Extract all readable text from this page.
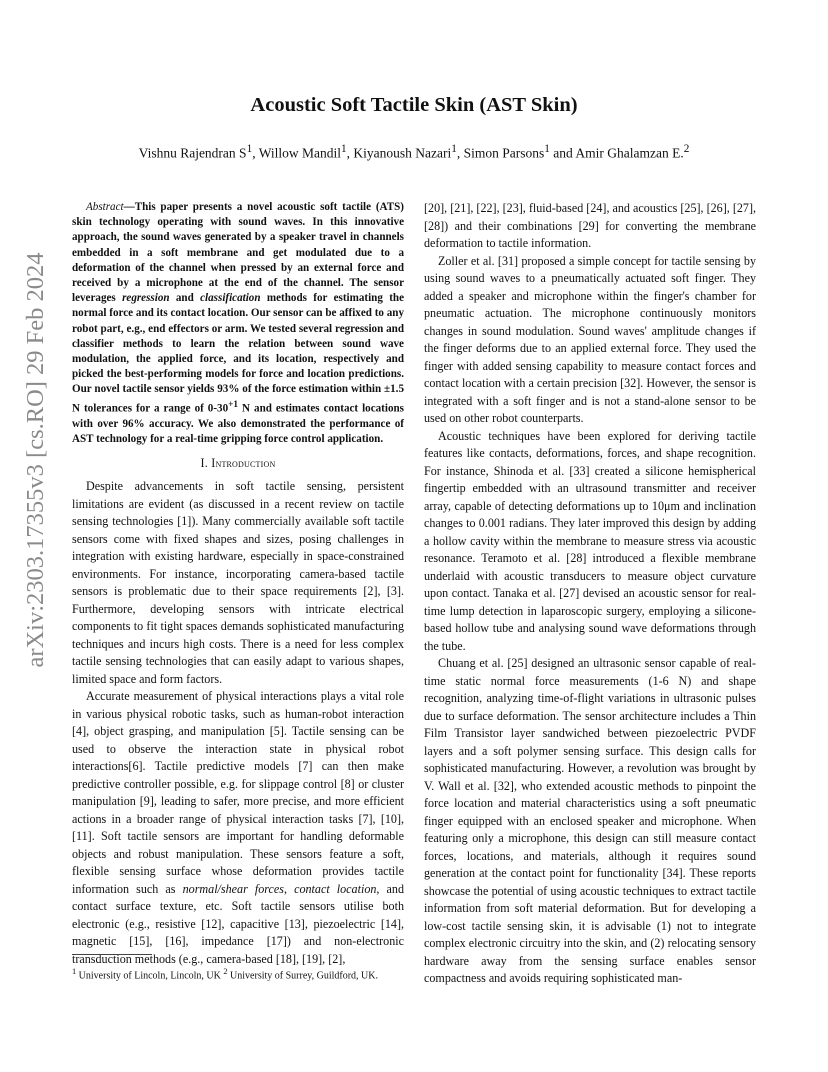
arXiv:2303.17355v3 [cs.RO] 29 Feb 2024
Acoustic Soft Tactile Skin (AST Skin)
Vishnu Rajendran $S^1$, Willow Mandil$^1$, Kiyanoush Nazari$^1$, Simon Parsons$^1$ and Amir Ghalamzan E.$^2$

Abstract—This paper presents a novel acoustic soft tactile (ATS) skin technology operating with sound waves. In this innovative approach, the sound waves generated by a speaker travel in channels embedded in a soft membrane and get modulated due to a deformation of the channel when pressed by an external force and received by a microphone at the end of the channel. The sensor leverages regression and classification methods for estimating the normal force and its contact location. Our sensor can be affixed to any robot part, e.g., end effectors or arm. We tested several regression and classifier methods to learn the relation between sound wave modulation, the applied force, and its location, respectively and picked the best-performing models for force and location predictions. Our novel tactile sensor yields 93% of the force estimation within ±1.5 N tolerances for a range of $0-30^{+1}$ N and estimates contact locations with over 96% accuracy. We also demonstrated the performance of AST technology for a real-time gripping force control application.

I. Introduction

Despite advancements in soft tactile sensing, persistent limitations are evident (as discussed in a recent review on tactile sensing technologies [1]). Many commercially available soft tactile sensors come with fixed shapes and sizes, posing challenges in integration with existing hardware, especially in space-constrained environments. For instance, incorporating camera-based tactile sensors is problematic due to their space requirements [2], [3]. Furthermore, developing sensors with intricate electrical components to fit tight spaces demands sophisticated manufacturing techniques and incurs high costs. There is a need for less complex tactile sensing technologies that can easily adapt to various shapes, limited space and form factors.

Accurate measurement of physical interactions plays a vital role in various physical robotic tasks, such as human-robot interaction [4], object grasping, and manipulation [5]. Tactile sensing can be used to observe the interaction state in physical robot interactions[6]. Tactile predictive models [7] can then make predictive controller possible, e.g. for slippage control [8] or cluster manipulation [9], leading to safer, more precise, and more efficient actions in a broader range of physical interaction tasks [7], [10], [11]. Soft tactile sensors are important for handling deformable objects and robust manipulation. These sensors feature a soft, flexible sensing surface whose deformation provides tactile information such as normal/shear forces, contact location, and contact surface texture, etc. Soft tactile sensors utilise both electronic (e.g., resistive [12], capacitive [13], piezoelectric [14], magnetic [15], [16], impedance [17]) and non-electronic transduction methods (e.g., camera-based [18], [19], [2],

$^1$ University of Lincoln, Lincoln, UK $^2$ University of Surrey, Guildford, UK.

[20], [21], [22], [23], fluid-based [24], and acoustics [25], [26], [27], [28]) and their combinations [29] for converting the membrane deformation to tactile information.

Zoller et al. [31] proposed a simple concept for tactile sensing by using sound waves to a pneumatically actuated soft finger. They added a speaker and microphone within the finger's chamber for pneumatic actuation. The microphone continuously monitors changes in sound modulation. Sound waves' amplitude changes if the finger deforms due to an applied external force. They used the finger with added sensing capability to measure contact forces and contact location with a certain precision [32]. However, the sensor is integrated with a soft finger and is not a stand-alone sensor to be used on other robot counterparts.

Acoustic techniques have been explored for deriving tactile features like contacts, deformations, forces, and shape recognition. For instance, Shinoda et al. [33] created a silicone hemispherical fingertip embedded with an ultrasound transmitter and receiver array, capable of detecting deformations up to 10μm and inclination changes to 0.001 radians. They later improved this design by adding a hollow cavity within the membrane to measure stress via acoustic resonance. Teramoto et al. [28] introduced a flexible membrane underlaid with acoustic transducers to measure object curvature upon contact. Tanaka et al. [27] devised an acoustic sensor for real-time lump detection in laparoscopic surgery, employing a silicone-based hollow tube and analysing sound wave deformations through the tube.

Chuang et al. [25] designed an ultrasonic sensor capable of real-time static normal force measurements (1-6 N) and shape recognition, analyzing time-of-flight variations in ultrasonic pulses due to surface deformation. The sensor architecture includes a Thin Film Transistor layer sandwiched between piezoelectric PVDF layers and a soft polymer sensing surface. This design calls for sophisticated manufacturing. However, a revolution was brought by V. Wall et al. [32], who extended acoustic methods to pinpoint the force location and material characteristics using a soft pneumatic finger equipped with an enclosed speaker and microphone. When featuring only a microphone, this design can still measure contact forces, locations, and materials, although it requires sound generation at the contact point for functionality [34]. These reports showcase the potential of using acoustic techniques to extract tactile information from soft material deformation. But for developing a low-cost tactile sensing skin, it is advisable (1) not to integrate complex electronic circuitry into the skin, and (2) relocating sensory hardware away from the sensing surface enables sensor compactness and avoids requiring sophisticated man-
